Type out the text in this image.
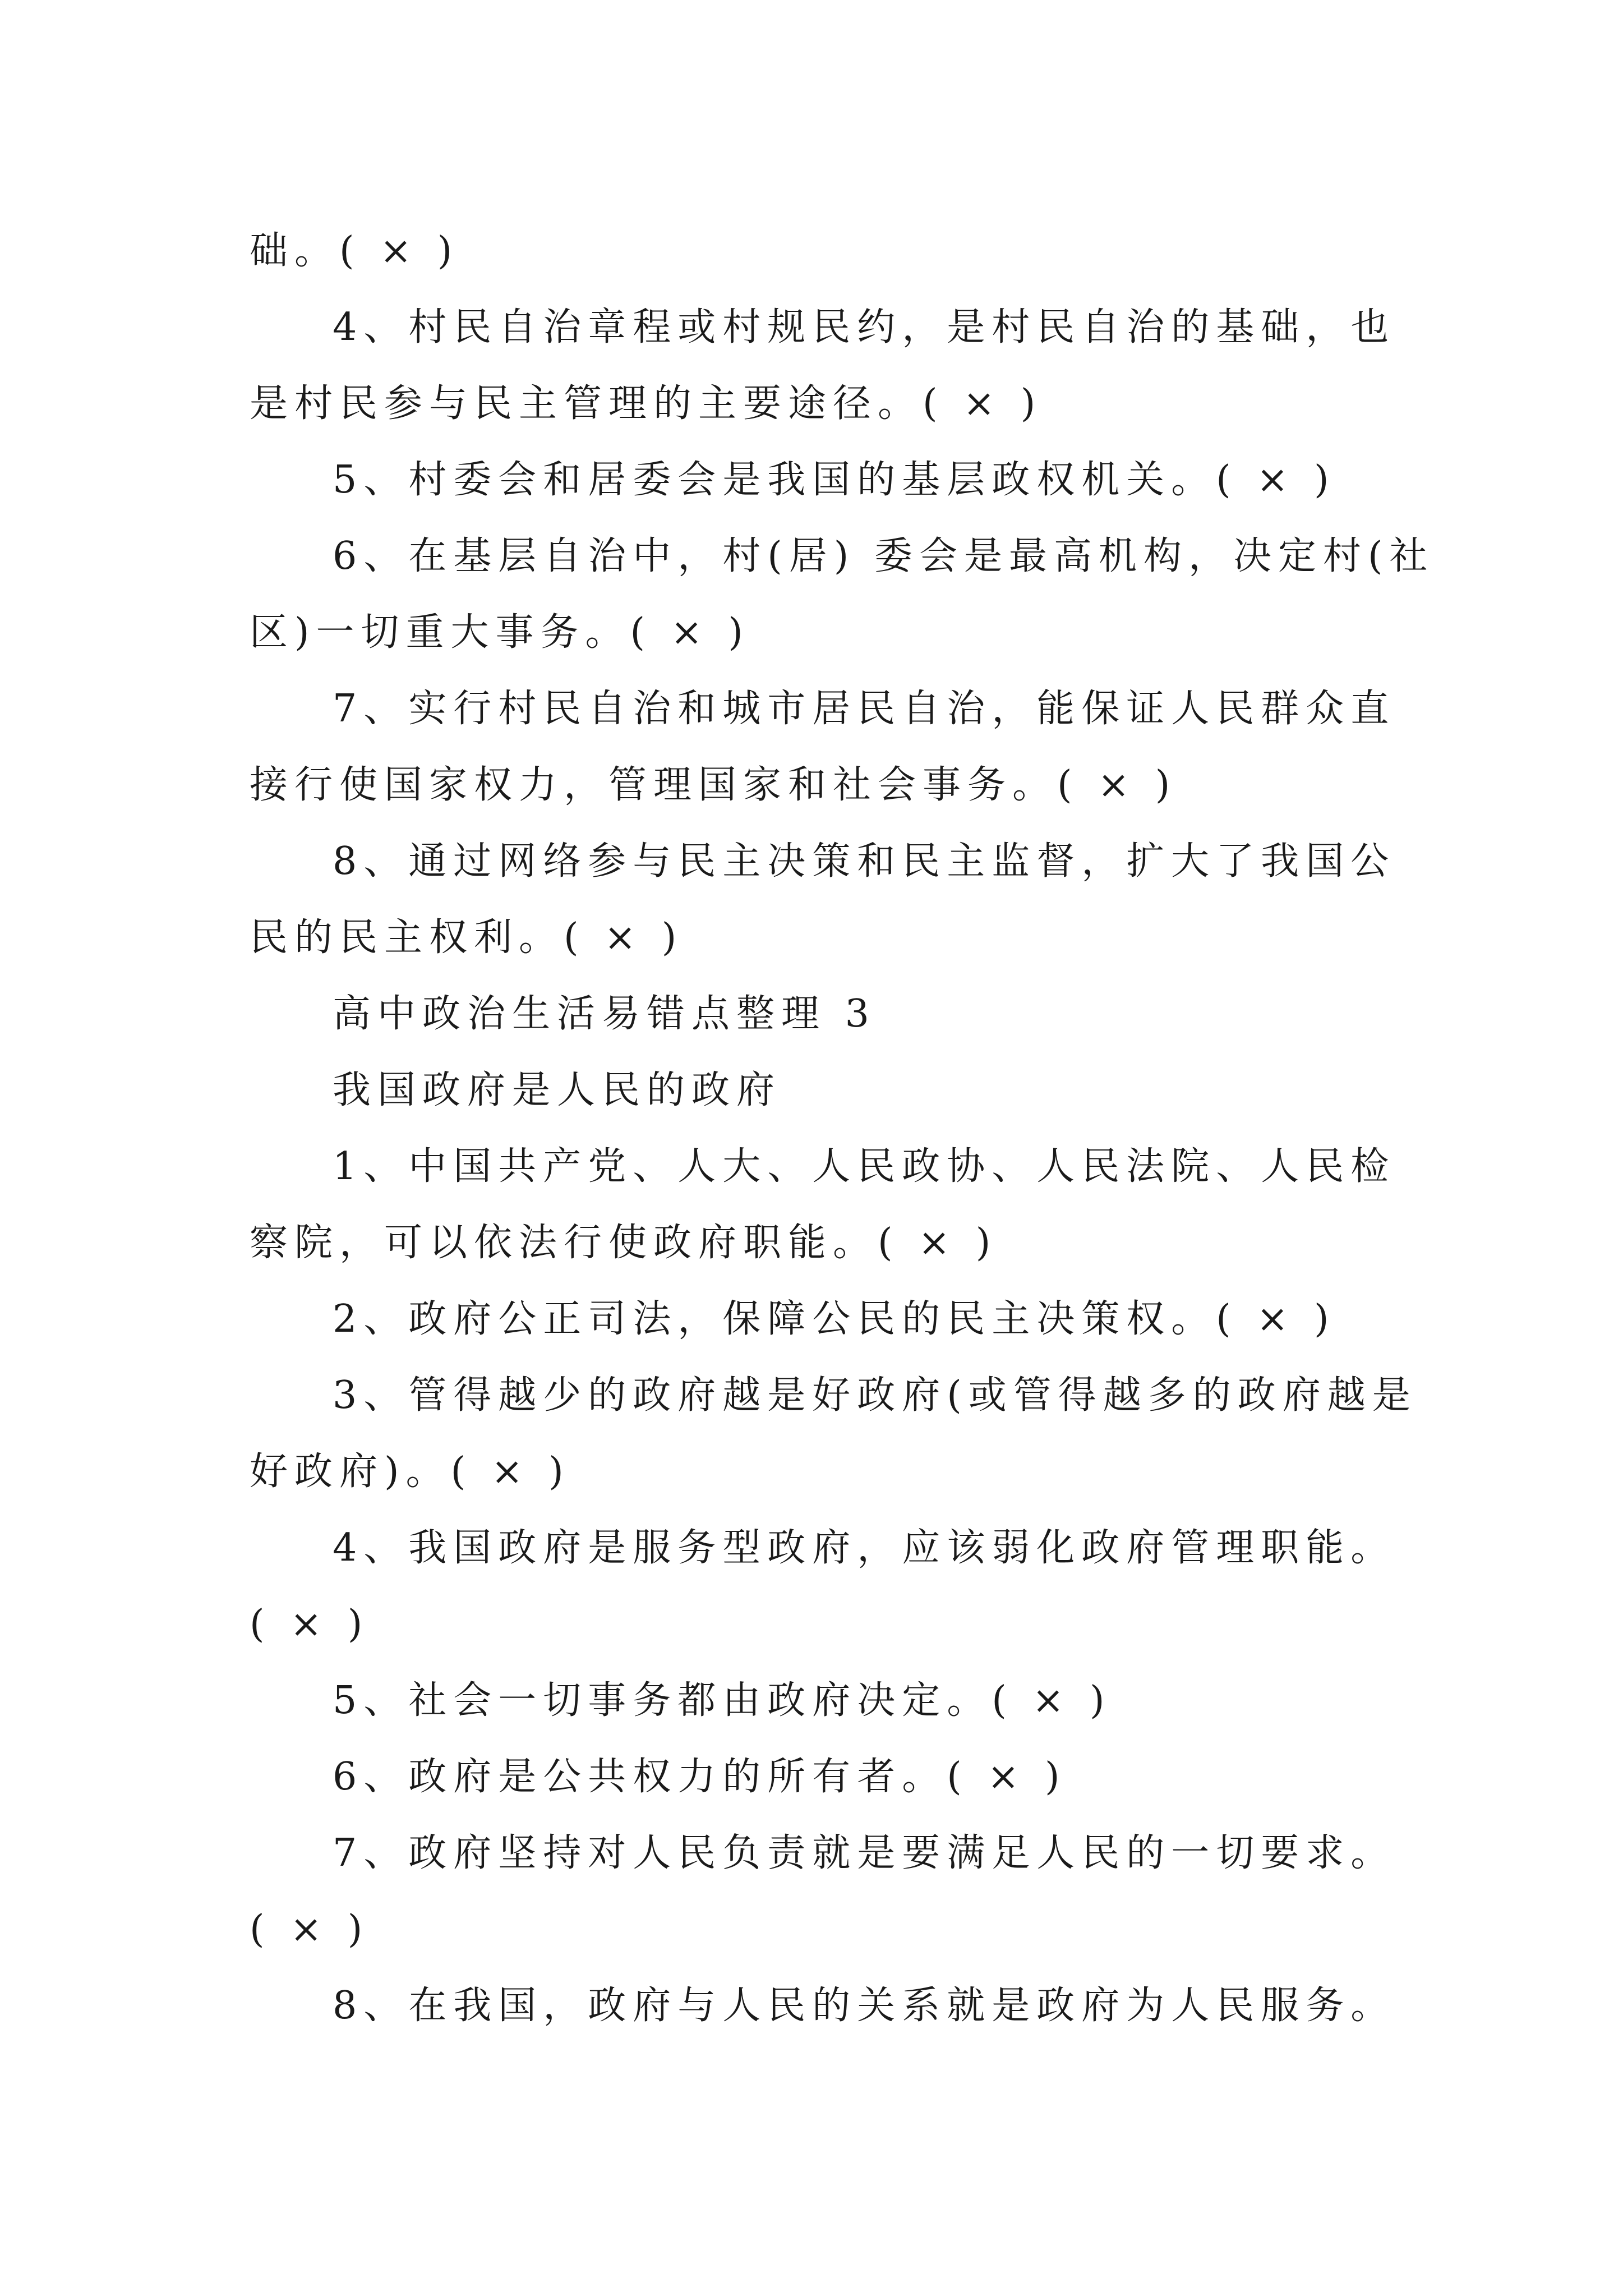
础。( × )
4、村民自治章程或村规民约，是村民自治的基础，也
是村民参与民主管理的主要途径。( × )
5、村委会和居委会是我国的基层政权机关。( × )
6、在基层自治中，村(居) 委会是最高机构，决定村(社
区)一切重大事务。( × )
7、实行村民自治和城市居民自治，能保证人民群众直
接行使国家权力，管理国家和社会事务。( × )
8、通过网络参与民主决策和民主监督，扩大了我国公
民的民主权利。( × )
高中政治生活易错点整理 3
我国政府是人民的政府
1、中国共产党、人大、人民政协、人民法院、人民检
察院，可以依法行使政府职能。( × )
2、政府公正司法，保障公民的民主决策权。( × )
3、管得越少的政府越是好政府(或管得越多的政府越是
好政府)。( × )
4、我国政府是服务型政府，应该弱化政府管理职能。
( × )
5、社会一切事务都由政府决定。( × )
6、政府是公共权力的所有者。( × )
7、政府坚持对人民负责就是要满足人民的一切要求。
( × )
8、在我国，政府与人民的关系就是政府为人民服务。
